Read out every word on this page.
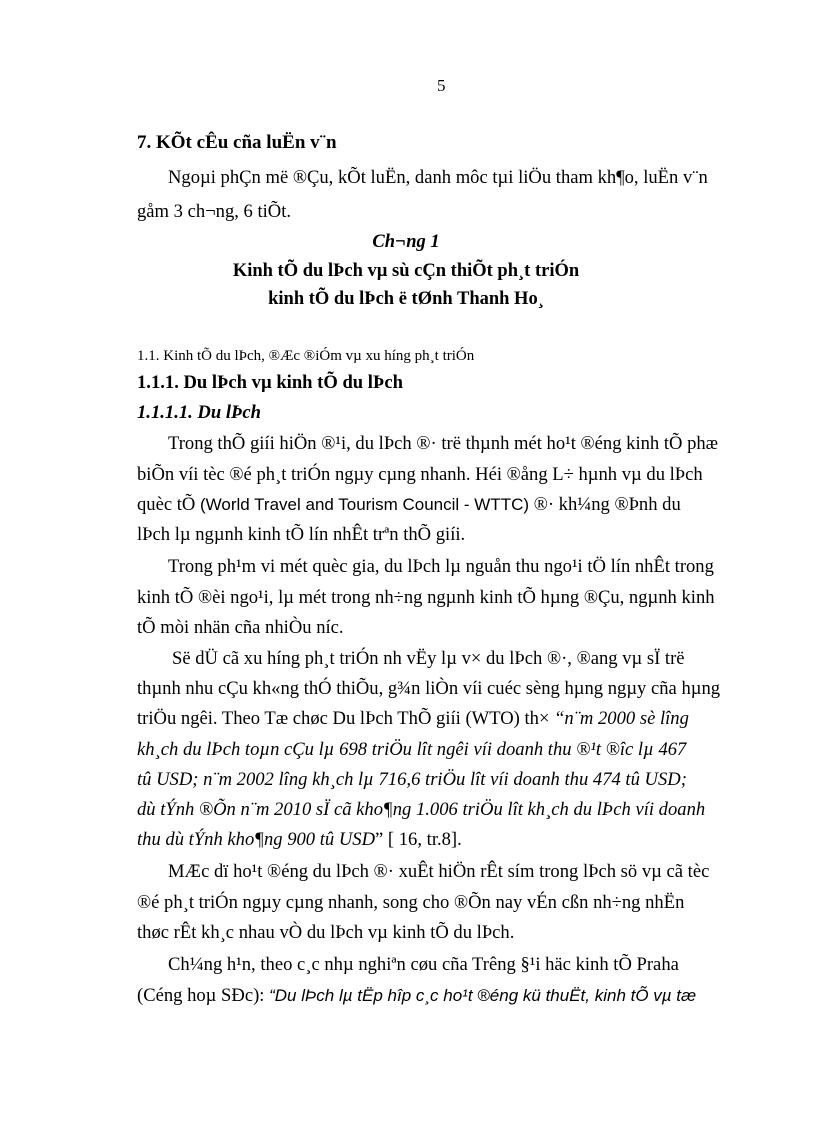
5
7. KÕt cÊu cña luËn v¨n
Ngoµi phÇn më ®Çu, kÕt luËn, danh môc tµi liÖu tham kh¶o, luËn v¨n
gåm 3 ch¬ng, 6 tiÕt.
Ch¬ng 1
Kinh tÕ du lÞch vµ sù cÇn thiÕt ph¸t triÓn
kinh tÕ du lÞch ë tØnh Thanh Ho¸
1.1. Kinh tÕ du lÞch, ®Æc ®iÓm vµ xu híng ph¸t triÓn
1.1.1. Du lÞch vµ kinh tÕ du lÞch
1.1.1.1. Du lÞch
Trong thÕ giíi hiÖn ®¹i, du lÞch ®· trë thµnh mét ho¹t ®éng kinh tÕ phæ
biÕn víi tèc ®é ph¸t triÓn ngµy cµng nhanh. Héi ®ång L÷ hµnh vµ du lÞch
quèc tÕ (World Travel and Tourism Council - WTTC) ®· kh¼ng ®Þnh du
lÞch lµ ngµnh kinh tÕ lín nhÊt trªn thÕ giíi.
Trong ph¹m vi mét quèc gia, du lÞch lµ nguån thu ngo¹i tÖ lín nhÊt trong
kinh tÕ ®èi ngo¹i, lµ mét trong nh÷ng ngµnh kinh tÕ hµng ®Çu, ngµnh kinh
tÕ mòi nhän cña nhiÒu níc.
Së dÜ cã xu híng ph¸t triÓn nh vËy lµ v× du lÞch ®·, ®ang vµ sÏ trë
thµnh nhu cÇu kh«ng thÓ thiÕu, g¾n liÒn víi cuéc sèng hµng ngµy cña hµng
triÖu ngêi. Theo Tæ chøc Du lÞch ThÕ giíi (WTO) th× “n¨m 2000 sè lîng
kh¸ch du lÞch toµn cÇu lµ 698 triÖu lît ngêi víi doanh thu ®¹t ®îc lµ 467
tû USD; n¨m 2002 lîng kh¸ch lµ 716,6 triÖu lît víi doanh thu 474 tû USD;
dù tÝnh ®Õn n¨m 2010 sÏ cã kho¶ng 1.006 triÖu lît kh¸ch du lÞch víi doanh
thu dù tÝnh kho¶ng 900 tû USD” [ 16, tr.8].
MÆc dï ho¹t ®éng du lÞch ®· xuÊt hiÖn rÊt sím trong lÞch sö vµ cã tèc
®é ph¸t triÓn ngµy cµng nhanh, song cho ®Õn nay vÉn cßn nh÷ng nhËn
thøc rÊt kh¸c nhau vÒ du lÞch vµ kinh tÕ du lÞch.
Ch¼ng h¹n, theo c¸c nhµ nghiªn cøu cña Trêng §¹i häc kinh tÕ Praha
(Céng hoµ SÐc): “Du lÞch lµ tËp hîp c¸c ho¹t ®éng kü thuËt, kinh tÕ vµ tæ
